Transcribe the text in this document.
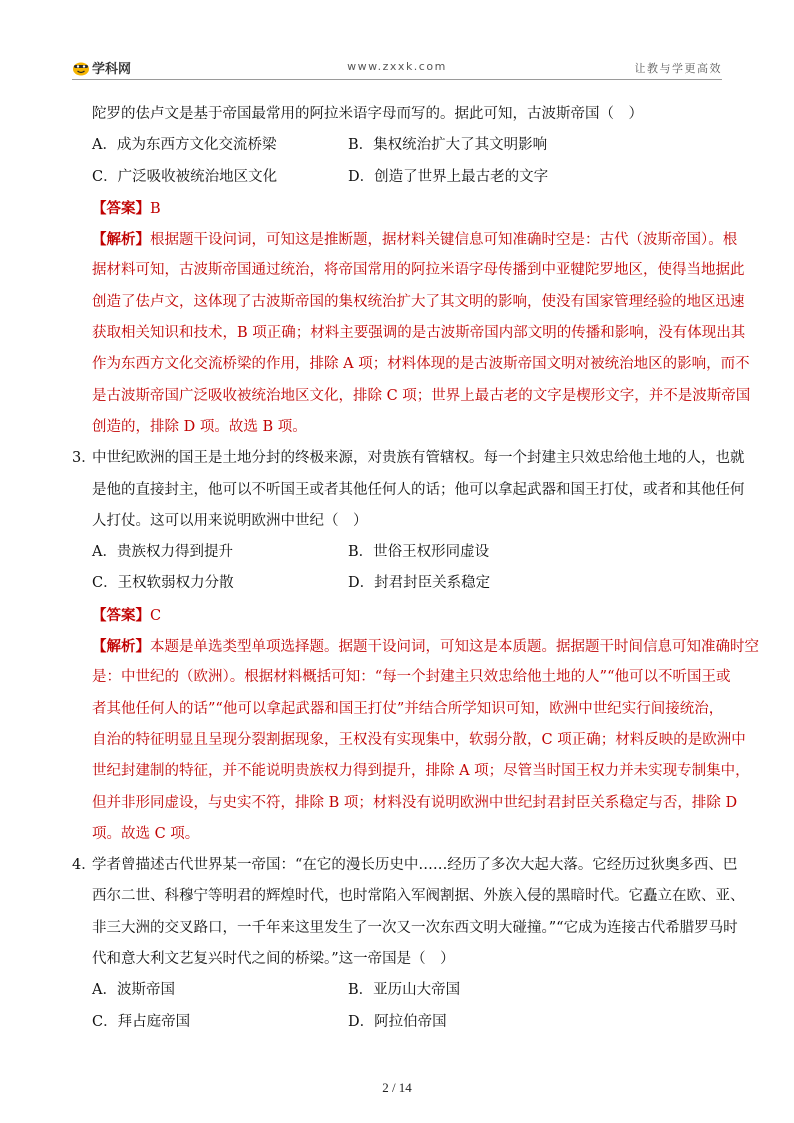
学科网	www.zxxk.com	让教与学更高效
陀罗的佉卢文是基于帝国最常用的阿拉米语字母而写的。据此可知，古波斯帝国（　）
A．成为东西方文化交流桥梁	B．集权统治扩大了其文明影响
C．广泛吸收被统治地区文化	D．创造了世界上最古老的文字
【答案】B
【解析】根据题干设问词，可知这是推断题，据材料关键信息可知准确时空是：古代（波斯帝国）。根
据材料可知，古波斯帝国通过统治，将帝国常用的阿拉米语字母传播到中亚犍陀罗地区，使得当地据此
创造了佉卢文，这体现了古波斯帝国的集权统治扩大了其文明的影响，使没有国家管理经验的地区迅速
获取相关知识和技术，B 项正确；材料主要强调的是古波斯帝国内部文明的传播和影响，没有体现出其
作为东西方文化交流桥梁的作用，排除 A 项；材料体现的是古波斯帝国文明对被统治地区的影响，而不
是古波斯帝国广泛吸收被统治地区文化，排除 C 项；世界上最古老的文字是楔形文字，并不是波斯帝国
创造的，排除 D 项。故选 B 项。
3．
中世纪欧洲的国王是土地分封的终极来源，对贵族有管辖权。每一个封建主只效忠给他土地的人，也就
是他的直接封主，他可以不听国王或者其他任何人的话；他可以拿起武器和国王打仗，或者和其他任何
人打仗。这可以用来说明欧洲中世纪（　）
A．贵族权力得到提升	B．世俗王权形同虚设
C．王权软弱权力分散	D．封君封臣关系稳定
【答案】C
【解析】本题是单选类型单项选择题。据题干设问词，可知这是本质题。据据题干时间信息可知准确时空
是：中世纪的（欧洲）。根据材料概括可知：“每一个封建主只效忠给他土地的人”“他可以不听国王或
者其他任何人的话”“他可以拿起武器和国王打仗”并结合所学知识可知，欧洲中世纪实行间接统治，
自治的特征明显且呈现分裂割据现象，王权没有实现集中，软弱分散，C 项正确；材料反映的是欧洲中
世纪封建制的特征，并不能说明贵族权力得到提升，排除 A 项；尽管当时国王权力并未实现专制集中，
但并非形同虚设，与史实不符，排除 B 项；材料没有说明欧洲中世纪封君封臣关系稳定与否，排除 D
项。故选 C 项。
4．
学者曾描述古代世界某一帝国：“在它的漫长历史中……经历了多次大起大落。它经历过狄奥多西、巴
西尔二世、科穆宁等明君的辉煌时代，也时常陷入军阀割据、外族入侵的黑暗时代。它矗立在欧、亚、
非三大洲的交叉路口，一千年来这里发生了一次又一次东西文明大碰撞。”“它成为连接古代希腊罗马时
代和意大利文艺复兴时代之间的桥梁。”这一帝国是（　）
A．波斯帝国	B．亚历山大帝国
C．拜占庭帝国	D．阿拉伯帝国
2 / 14
